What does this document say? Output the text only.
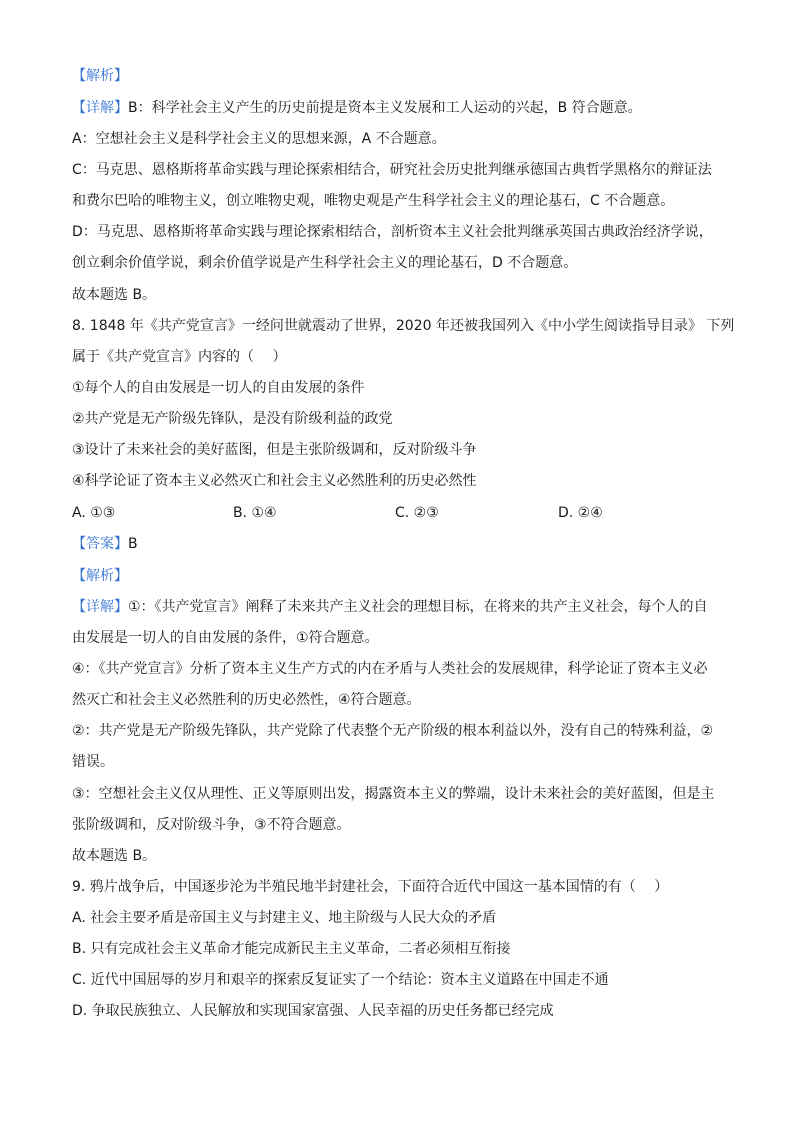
【解析】
【详解】B：科学社会主义产生的历史前提是资本主义发展和工人运动的兴起，B 符合题意。
A：空想社会主义是科学社会主义的思想来源，A 不合题意。
C：马克思、恩格斯将革命实践与理论探索相结合，研究社会历史批判继承德国古典哲学黑格尔的辩证法
和费尔巴哈的唯物主义，创立唯物史观，唯物史观是产生科学社会主义的理论基石，C 不合题意。
D：马克思、恩格斯将革命实践与理论探索相结合，剖析资本主义社会批判继承英国古典政治经济学说，
创立剩余价值学说，剩余价值学说是产生科学社会主义的理论基石，D 不合题意。
故本题选 B。
8. 1848 年《共产党宣言》一经问世就震动了世界，2020 年还被我国列入《中小学生阅读指导目录》 下列
属于《共产党宣言》内容的（　 ）
①每个人的自由发展是一切人的自由发展的条件
②共产党是无产阶级先锋队，是没有阶级利益的政党
③设计了未来社会的美好蓝图，但是主张阶级调和，反对阶级斗争
④科学论证了资本主义必然灭亡和社会主义必然胜利的历史必然性
A. ①③	B. ①④	C. ②③	D. ②④
【答案】B
【解析】
【详解】①：《共产党宣言》阐释了未来共产主义社会的理想目标，在将来的共产主义社会，每个人的自
由发展是一切人的自由发展的条件，①符合题意。
④：《共产党宣言》分析了资本主义生产方式的内在矛盾与人类社会的发展规律，科学论证了资本主义必
然灭亡和社会主义必然胜利的历史必然性，④符合题意。
②：共产党是无产阶级先锋队，共产党除了代表整个无产阶级的根本利益以外，没有自己的特殊利益，②
错误。
③：空想社会主义仅从理性、正义等原则出发，揭露资本主义的弊端，设计未来社会的美好蓝图，但是主
张阶级调和，反对阶级斗争，③不符合题意。
故本题选 B。
9. 鸦片战争后，中国逐步沦为半殖民地半封建社会，下面符合近代中国这一基本国情的有（　 ）
A. 社会主要矛盾是帝国主义与封建主义、地主阶级与人民大众的矛盾
B. 只有完成社会主义革命才能完成新民主主义革命，二者必须相互衔接
C. 近代中国屈辱的岁月和艰辛的探索反复证实了一个结论：资本主义道路在中国走不通
D. 争取民族独立、人民解放和实现国家富强、人民幸福的历史任务都已经完成
